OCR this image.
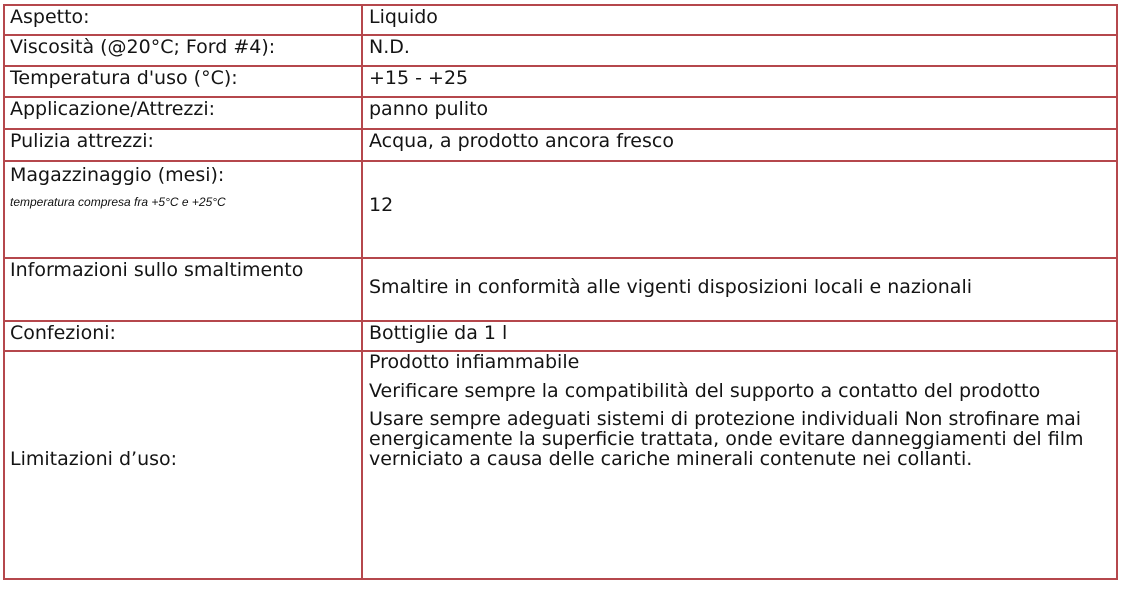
Aspetto:	Liquido
Viscosità (@20°C; Ford #4):	N.D.
Temperatura d'uso (°C):	+15 - +25
Applicazione/Attrezzi:	panno pulito
Pulizia attrezzi:	Acqua, a prodotto ancora fresco
Magazzinaggio (mesi):
temperatura compresa fra +5°C e +25°C	12

Informazioni sullo smaltimento	Smaltire in conformità alle vigenti disposizioni locali e nazionali

Confezioni:	Bottiglie da 1 l

Limitazioni d’uso:	Prodotto infiammabile
Verificare sempre la compatibilità del supporto a contatto del prodotto
Usare sempre adeguati sistemi di protezione individuali Non strofinare mai energicamente la superficie trattata, onde evitare danneggiamenti del film verniciato a causa delle cariche minerali contenute nei collanti.
